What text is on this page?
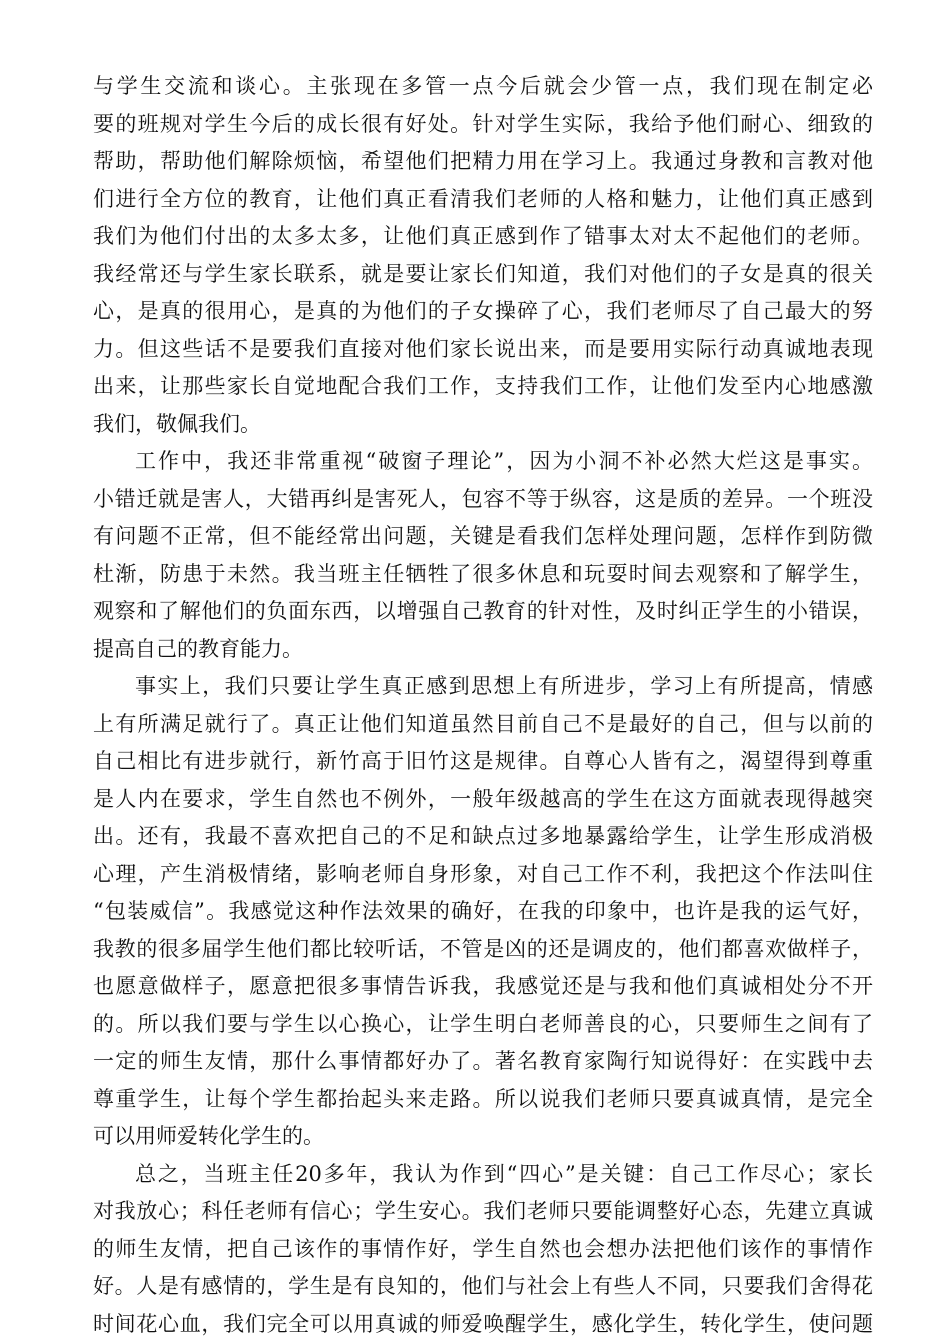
与学生交流和谈心。主张现在多管一点今后就会少管一点，我们现在制定必
要的班规对学生今后的成长很有好处。针对学生实际，我给予他们耐心、细致的
帮助，帮助他们解除烦恼，希望他们把精力用在学习上。我通过身教和言教对他
们进行全方位的教育，让他们真正看清我们老师的人格和魅力，让他们真正感到
我们为他们付出的太多太多，让他们真正感到作了错事太对太不起他们的老师。
我经常还与学生家长联系，就是要让家长们知道，我们对他们的子女是真的很关
心，是真的很用心，是真的为他们的子女操碎了心，我们老师尽了自己最大的努
力。但这些话不是要我们直接对他们家长说出来，而是要用实际行动真诚地表现
出来，让那些家长自觉地配合我们工作，支持我们工作，让他们发至内心地感激
我们，敬佩我们。
工作中，我还非常重视“破窗子理论”，因为小洞不补必然大烂这是事实。
小错迁就是害人，大错再纠是害死人，包容不等于纵容，这是质的差异。一个班没
有问题不正常，但不能经常出问题，关键是看我们怎样处理问题，怎样作到防微
杜渐，防患于未然。我当班主任牺牲了很多休息和玩耍时间去观察和了解学生，
观察和了解他们的负面东西，以增强自己教育的针对性，及时纠正学生的小错误，
提高自己的教育能力。
事实上，我们只要让学生真正感到思想上有所进步，学习上有所提高，情感
上有所满足就行了。真正让他们知道虽然目前自己不是最好的自己，但与以前的
自己相比有进步就行，新竹高于旧竹这是规律。自尊心人皆有之，渴望得到尊重
是人内在要求，学生自然也不例外，一般年级越高的学生在这方面就表现得越突
出。还有，我最不喜欢把自己的不足和缺点过多地暴露给学生，让学生形成消极
心理，产生消极情绪，影响老师自身形象，对自己工作不利，我把这个作法叫住
“包装威信”。我感觉这种作法效果的确好，在我的印象中，也许是我的运气好，
我教的很多届学生他们都比较听话，不管是凶的还是调皮的，他们都喜欢做样子，
也愿意做样子，愿意把很多事情告诉我，我感觉还是与我和他们真诚相处分不开
的。所以我们要与学生以心换心，让学生明白老师善良的心，只要师生之间有了
一定的师生友情，那什么事情都好办了。著名教育家陶行知说得好：在实践中去
尊重学生，让每个学生都抬起头来走路。所以说我们老师只要真诚真情，是完全
可以用师爱转化学生的。
总之，当班主任20多年，我认为作到“四心”是关键：自己工作尽心；家长
对我放心；科任老师有信心；学生安心。我们老师只要能调整好心态，先建立真诚
的师生友情，把自己该作的事情作好，学生自然也会想办法把他们该作的事情作
好。人是有感情的，学生是有良知的，他们与社会上有些人不同，只要我们舍得花
时间花心血，我们完全可以用真诚的师爱唤醒学生，感化学生，转化学生，使问题
